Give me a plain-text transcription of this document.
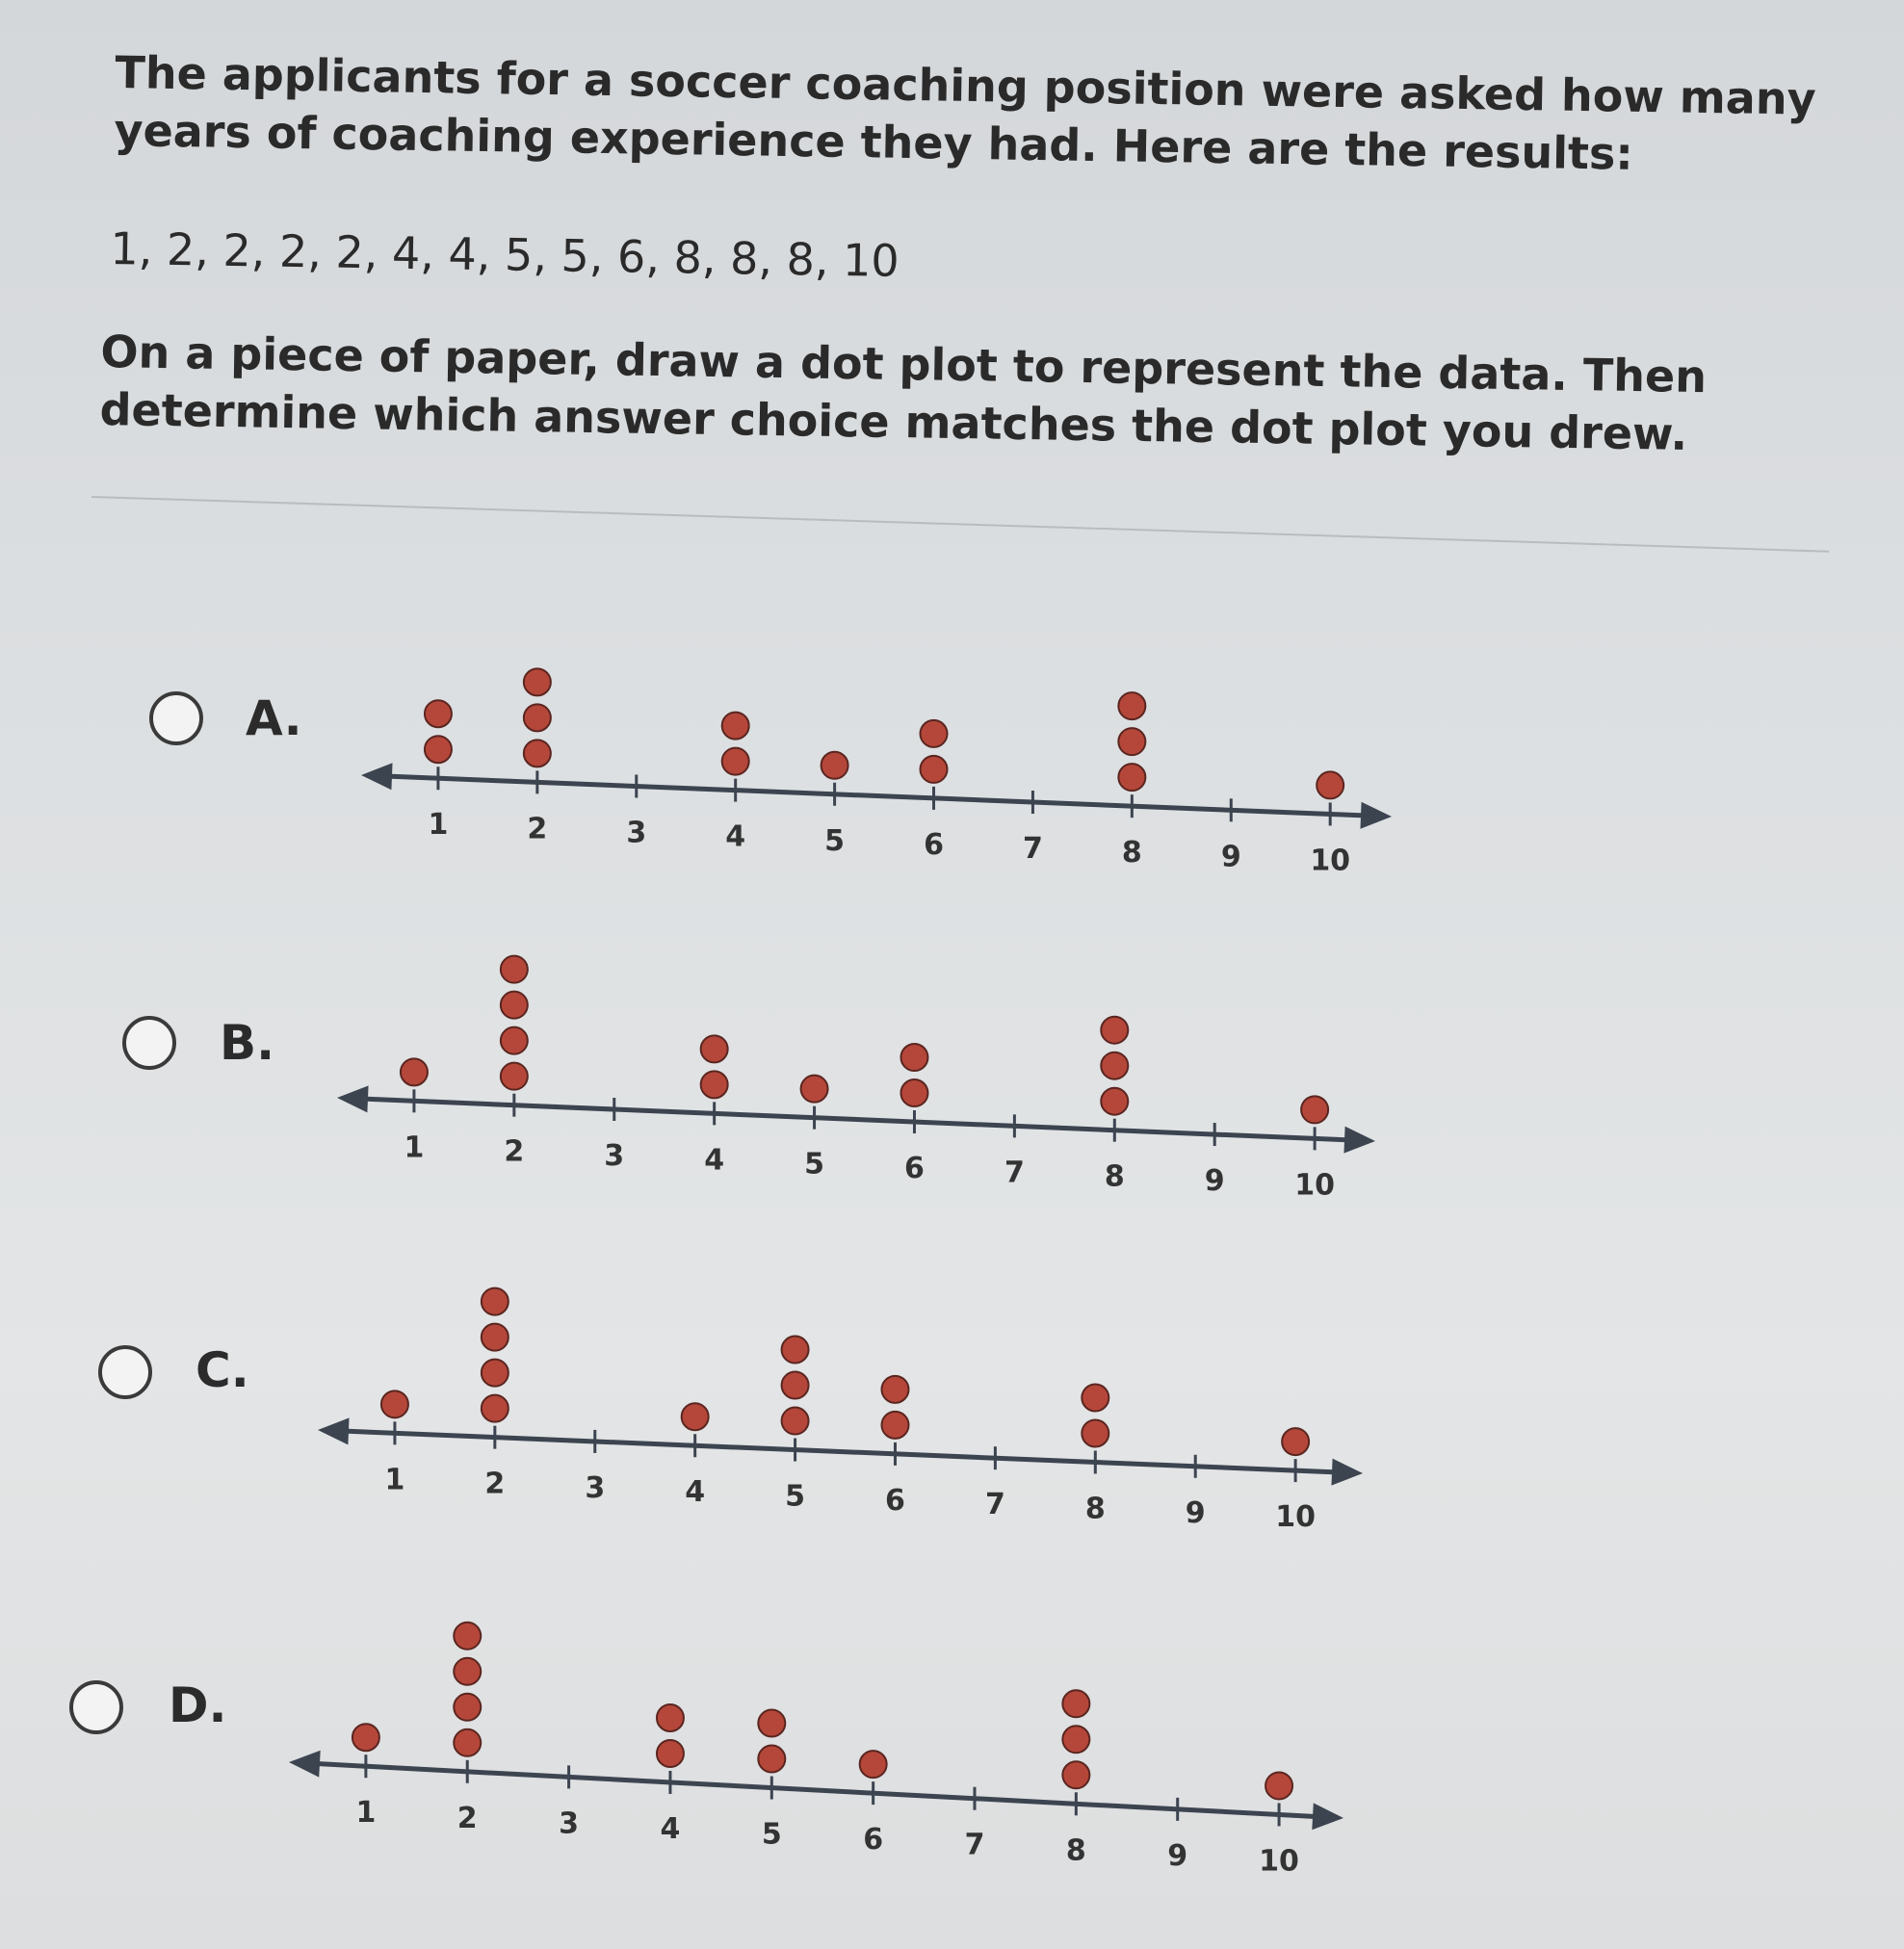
The applicants for a soccer coaching position were asked how many years of coaching experience they had. Here are the results:

1, 2, 2, 2, 2, 4, 4, 5, 5, 6, 8, 8, 8, 10

On a piece of paper, draw a dot plot to represent the data. Then determine which answer choice matches the dot plot you drew.

A.
1	2	3	4	5	6	7	8	9 10
B.
1	2	3	4	5	6	7	8	9 10
C.
1	2	3	4	5	6	7	8	9 10
D.
1	2	3	4	5	6	7	8	9 10
